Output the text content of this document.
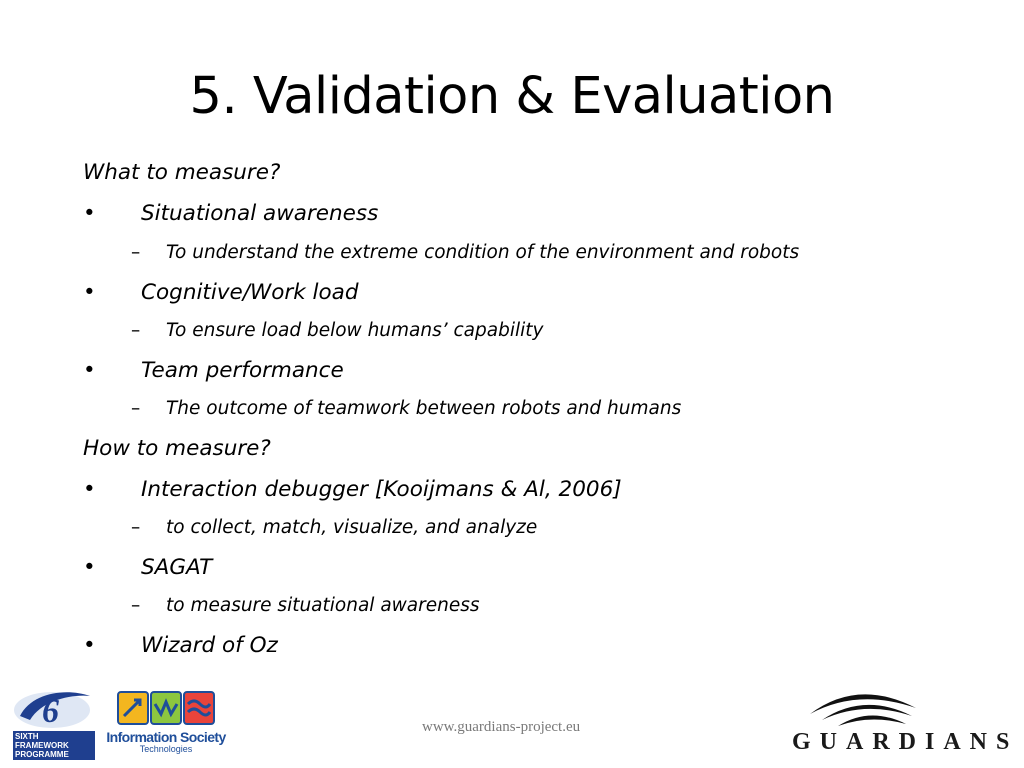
5. Validation & Evaluation
What to measure?
• Situational awareness
– To understand the extreme condition of the environment and robots
• Cognitive/Work load
– To ensure load below humans’ capability
• Team performance
– The outcome of teamwork between robots and humans
How to measure?
• Interaction debugger [Kooijmans & Al, 2006]
– to collect, match, visualize, and analyze
• SAGAT
– to measure situational awareness
• Wizard of Oz
6
SIXTH FRAMEWORK PROGRAMME
Information Society
Technologies
www.guardians-project.eu
GUARDIANS
